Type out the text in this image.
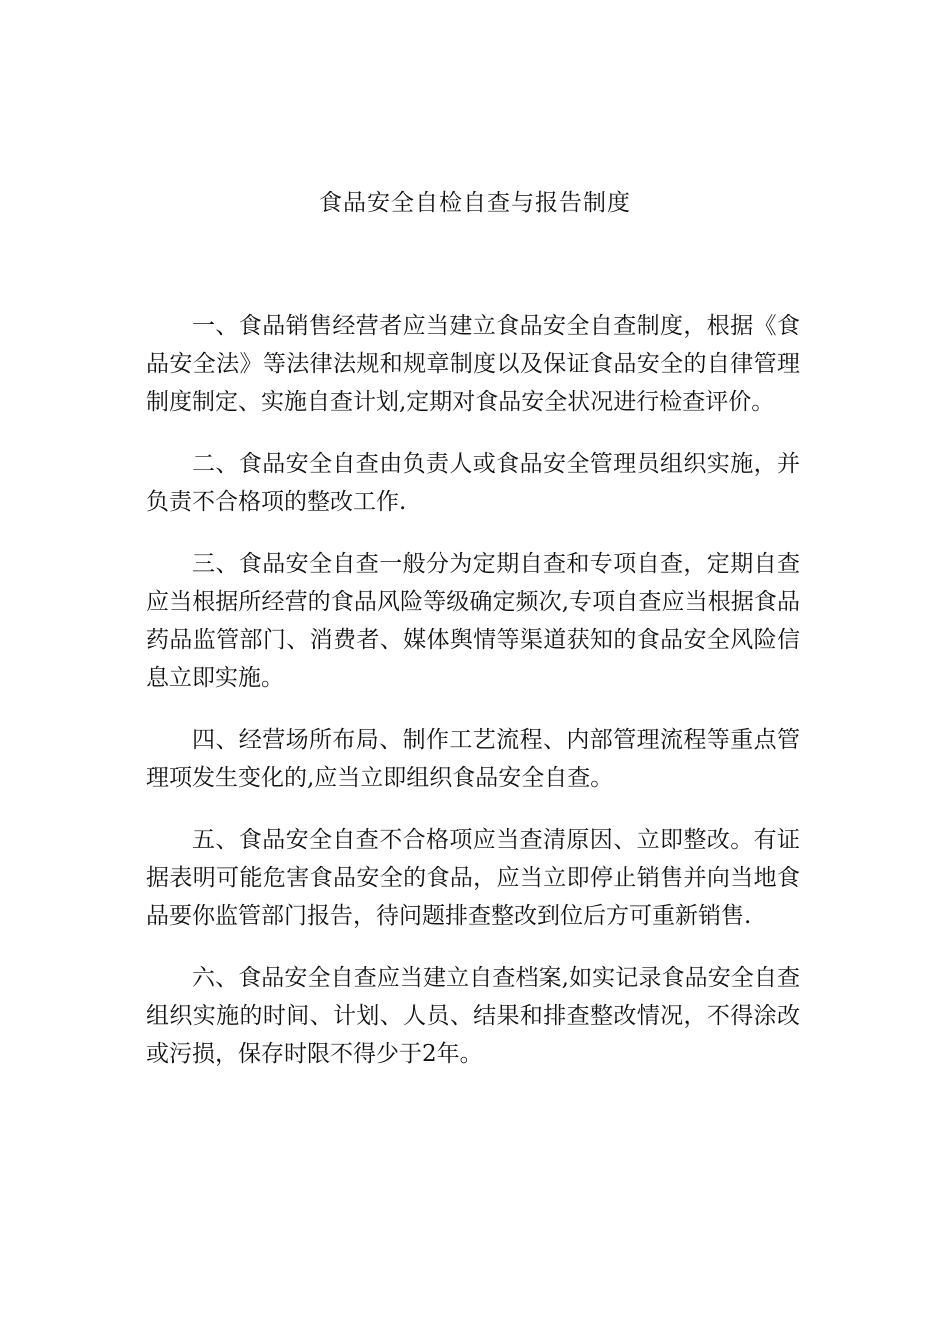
食品安全自检自查与报告制度

一、食品销售经营者应当建立食品安全自查制度，根据《食品安全法》等法律法规和规章制度以及保证食品安全的自律管理制度制定、实施自查计划,定期对食品安全状况进行检查评价。

二、食品安全自查由负责人或食品安全管理员组织实施，并负责不合格项的整改工作.

三、食品安全自查一般分为定期自查和专项自查，定期自查应当根据所经营的食品风险等级确定频次,专项自查应当根据食品药品监管部门、消费者、媒体舆情等渠道获知的食品安全风险信息立即实施。

四、经营场所布局、制作工艺流程、内部管理流程等重点管理项发生变化的,应当立即组织食品安全自查。

五、食品安全自查不合格项应当查清原因、立即整改。有证据表明可能危害食品安全的食品，应当立即停止销售并向当地食品要你监管部门报告，待问题排查整改到位后方可重新销售.

六、食品安全自查应当建立自查档案,如实记录食品安全自查组织实施的时间、计划、人员、结果和排查整改情况，不得涂改或污损，保存时限不得少于2年。
